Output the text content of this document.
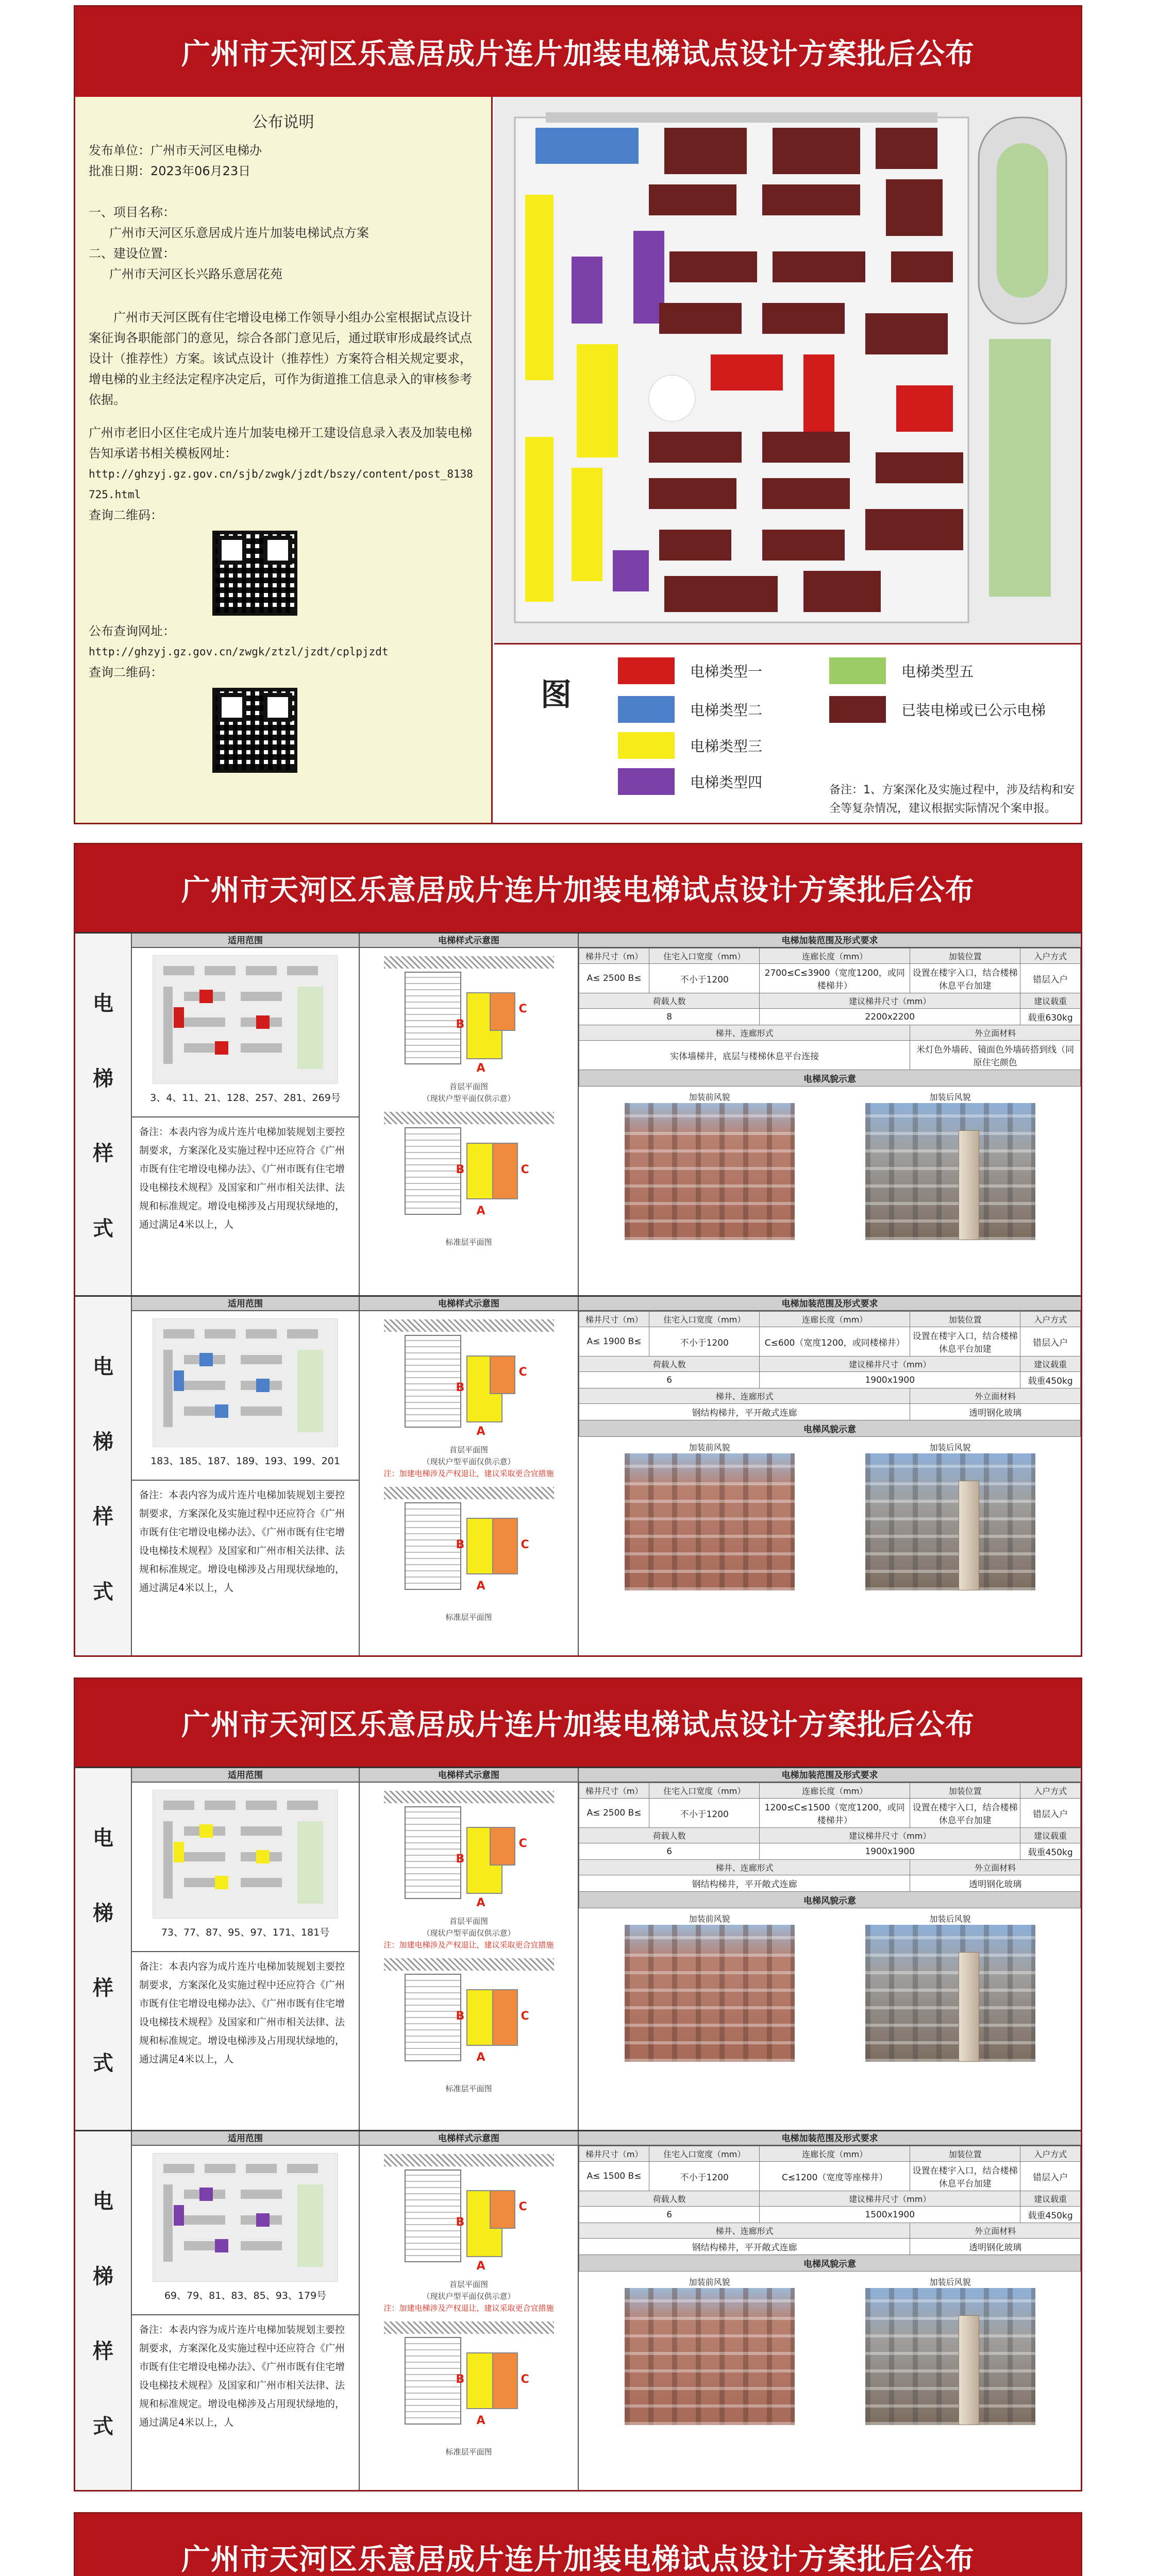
广州市天河区乐意居成片连片加装电梯试点设计方案批后公布
公布说明
发布单位：广州市天河区电梯办
批准日期：2023年06月23日
一、项目名称：
广州市天河区乐意居成片连片加装电梯试点方案
二、建设位置：
广州市天河区长兴路乐意居花苑
广州市天河区既有住宅增设电梯工作领导小组办公室根据试点设计案征询各职能部门的意见，综合各部门意见后，通过联审形成最终试点设计（推荐性）方案。该试点设计（推荐性）方案符合相关规定要求，增电梯的业主经法定程序决定后，可作为街道推工信息录入的审核参考依据。
广州市老旧小区住宅成片连片加装电梯开工建设信息录入表及加装电梯告知承诺书相关模板网址：
http://ghzyj.gz.gov.cn/sjb/zwgk/jzdt/bszy/content/post_8138725.html
查询二维码：
公布查询网址：
http://ghzyj.gz.gov.cn/zwgk/ztzl/jzdt/cplpjzdt
查询二维码：
图
电梯类型一
电梯类型二
电梯类型三
电梯类型四
电梯类型五
已装电梯或已公示电梯
备注：1、方案深化及实施过程中，涉及结构和安全等复杂情况，建议根据实际情况个案申报。
广州市天河区乐意居成片连片加装电梯试点设计方案批后公布
电
梯
样
式
适用范围
3、4、11、21、128、257、281、269号
备注：本表内容为成片连片电梯加装规划主要控制要求，方案深化及实施过程中还应符合《广州市既有住宅增设电梯办法》、《广州市既有住宅增设电梯技术规程》及国家和广州市相关法律、法规和标准规定。增设电梯涉及占用现状绿地的，通过满足4米以上，人
电梯样式示意图
C
A
B
首层平面图
（现状户型平面仅供示意）
C
A
B
标准层平面图
电梯加装范围及形式要求
梯井尺寸（m）	住宅入口宽度（mm）	连廊长度（mm）	加装位置	入户方式
A≤ 2500 B≤	不小于1200	2700≤C≤3900（宽度1200，或同楼梯井）	设置在楼宇入口，结合楼梯休息平台加建	错层入户
荷载人数		建议梯井尺寸（mm）		建议载重
8		2200x2200		载重630kg
梯井、连廊形式			外立面材料	
实体墙梯井，底层与楼梯休息平台连接			米灯色外墙砖、镜面色外墙砖搭到线（同原住宅颜色	
电梯风貌示意				
加装前风貌	加装后风貌
电
梯
样
式
适用范围
183、185、187、189、193、199、201
备注：本表内容为成片连片电梯加装规划主要控制要求，方案深化及实施过程中还应符合《广州市既有住宅增设电梯办法》、《广州市既有住宅增设电梯技术规程》及国家和广州市相关法律、法规和标准规定。增设电梯涉及占用现状绿地的，通过满足4米以上，人
电梯样式示意图
C
A
B
首层平面图
（现状户型平面仅供示意）
注：加建电梯涉及产权退让，建议采取更合宜措施
C
A
B
标准层平面图
电梯加装范围及形式要求
梯井尺寸（m）	住宅入口宽度（mm）	连廊长度（mm）	加装位置	入户方式
A≤ 1900 B≤	不小于1200	C≤600（宽度1200，或同楼梯井）	设置在楼宇入口，结合楼梯休息平台加建	错层入户
荷载人数		建议梯井尺寸（mm）		建议载重
6		1900x1900		载重450kg
梯井、连廊形式			外立面材料	
钢结构梯井，平开敞式连廊			透明钢化玻璃	
电梯风貌示意				
加装前风貌	加装后风貌
广州市天河区乐意居成片连片加装电梯试点设计方案批后公布
电
梯
样
式
适用范围
73、77、87、95、97、171、181号
备注：本表内容为成片连片电梯加装规划主要控制要求，方案深化及实施过程中还应符合《广州市既有住宅增设电梯办法》、《广州市既有住宅增设电梯技术规程》及国家和广州市相关法律、法规和标准规定。增设电梯涉及占用现状绿地的，通过满足4米以上，人
电梯样式示意图
C
A
B
首层平面图
（现状户型平面仅供示意）
注：加建电梯涉及产权退让，建议采取更合宜措施
C
A
B
标准层平面图
电梯加装范围及形式要求
梯井尺寸（m）	住宅入口宽度（mm）	连廊长度（mm）	加装位置	入户方式
A≤ 2500 B≤	不小于1200	1200≤C≤1500（宽度1200，或同楼梯井）	设置在楼宇入口，结合楼梯休息平台加建	错层入户
荷载人数		建议梯井尺寸（mm）		建议载重
6		1900x1900		载重450kg
梯井、连廊形式			外立面材料	
钢结构梯井，平开敞式连廊			透明钢化玻璃	
电梯风貌示意				
加装前风貌	加装后风貌
电
梯
样
式
适用范围
69、79、81、83、85、93、179号
备注：本表内容为成片连片电梯加装规划主要控制要求，方案深化及实施过程中还应符合《广州市既有住宅增设电梯办法》、《广州市既有住宅增设电梯技术规程》及国家和广州市相关法律、法规和标准规定。增设电梯涉及占用现状绿地的，通过满足4米以上，人
电梯样式示意图
C
A
B
首层平面图
（现状户型平面仅供示意）
注：加建电梯涉及产权退让，建议采取更合宜措施
C
A
B
标准层平面图
电梯加装范围及形式要求
梯井尺寸（m）	住宅入口宽度（mm）	连廊长度（mm）	加装位置	入户方式
A≤ 1500 B≤	不小于1200	C≤1200（宽度等座梯井）	设置在楼宇入口，结合楼梯休息平台加建	错层入户
荷载人数		建议梯井尺寸（mm）		建议载重
6		1500x1900		载重450kg
梯井、连廊形式			外立面材料	
钢结构梯井，平开敞式连廊			透明钢化玻璃	
电梯风貌示意				
加装前风貌	加装后风貌
广州市天河区乐意居成片连片加装电梯试点设计方案批后公布
